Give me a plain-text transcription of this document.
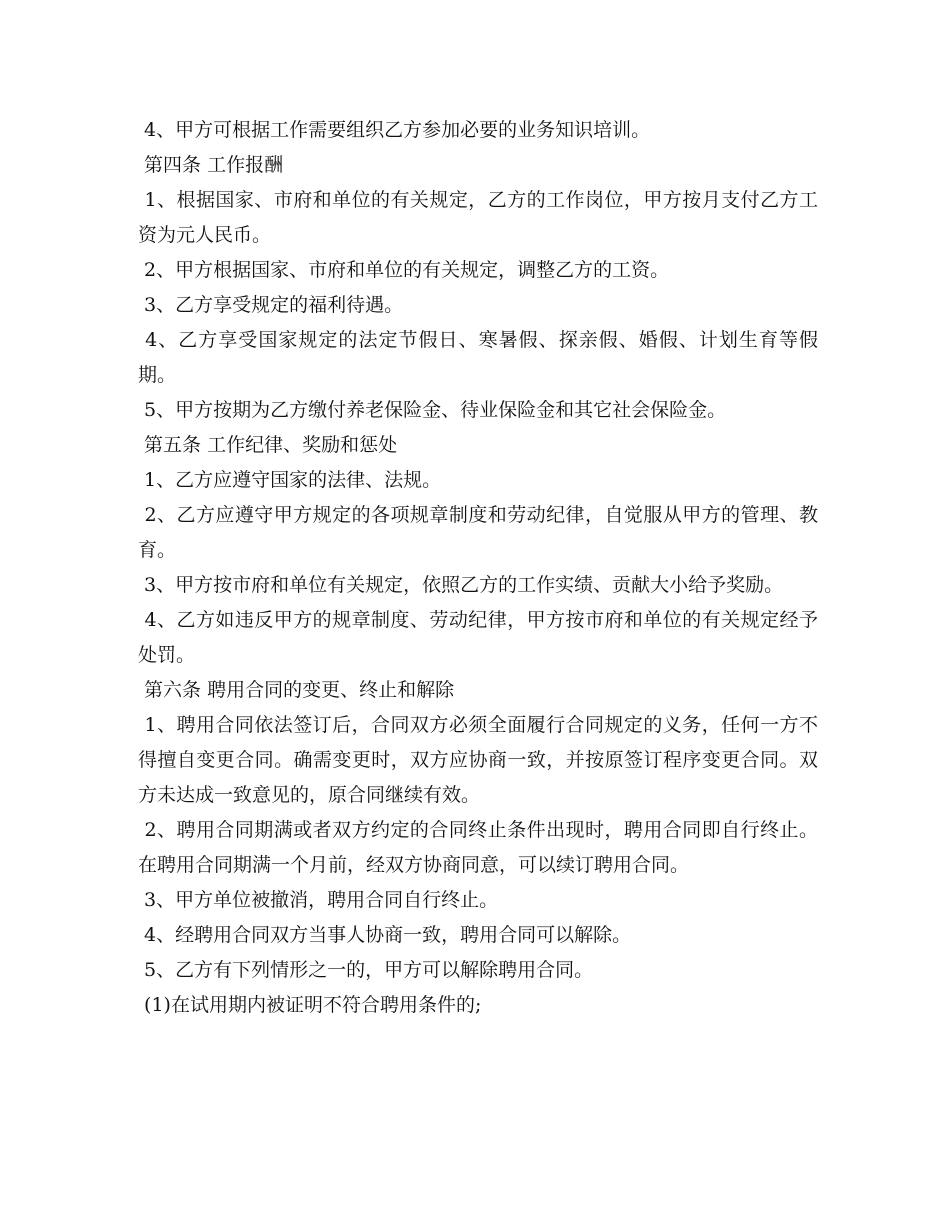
4、甲方可根据工作需要组织乙方参加必要的业务知识培训。

第四条 工作报酬

1、根据国家、市府和单位的有关规定，乙方的工作岗位，甲方按月支付乙方工资为元人民币。

2、甲方根据国家、市府和单位的有关规定，调整乙方的工资。

3、乙方享受规定的福利待遇。

4、乙方享受国家规定的法定节假日、寒暑假、探亲假、婚假、计划生育等假期。

5、甲方按期为乙方缴付养老保险金、待业保险金和其它社会保险金。

第五条 工作纪律、奖励和惩处

1、乙方应遵守国家的法律、法规。

2、乙方应遵守甲方规定的各项规章制度和劳动纪律，自觉服从甲方的管理、教育。

3、甲方按市府和单位有关规定，依照乙方的工作实绩、贡献大小给予奖励。

4、乙方如违反甲方的规章制度、劳动纪律，甲方按市府和单位的有关规定经予处罚。

第六条 聘用合同的变更、终止和解除

1、聘用合同依法签订后，合同双方必须全面履行合同规定的义务，任何一方不得擅自变更合同。确需变更时，双方应协商一致，并按原签订程序变更合同。双方未达成一致意见的，原合同继续有效。

2、聘用合同期满或者双方约定的合同终止条件出现时，聘用合同即自行终止。在聘用合同期满一个月前，经双方协商同意，可以续订聘用合同。

3、甲方单位被撤消，聘用合同自行终止。

4、经聘用合同双方当事人协商一致，聘用合同可以解除。

5、乙方有下列情形之一的，甲方可以解除聘用合同。

(1)在试用期内被证明不符合聘用条件的;
